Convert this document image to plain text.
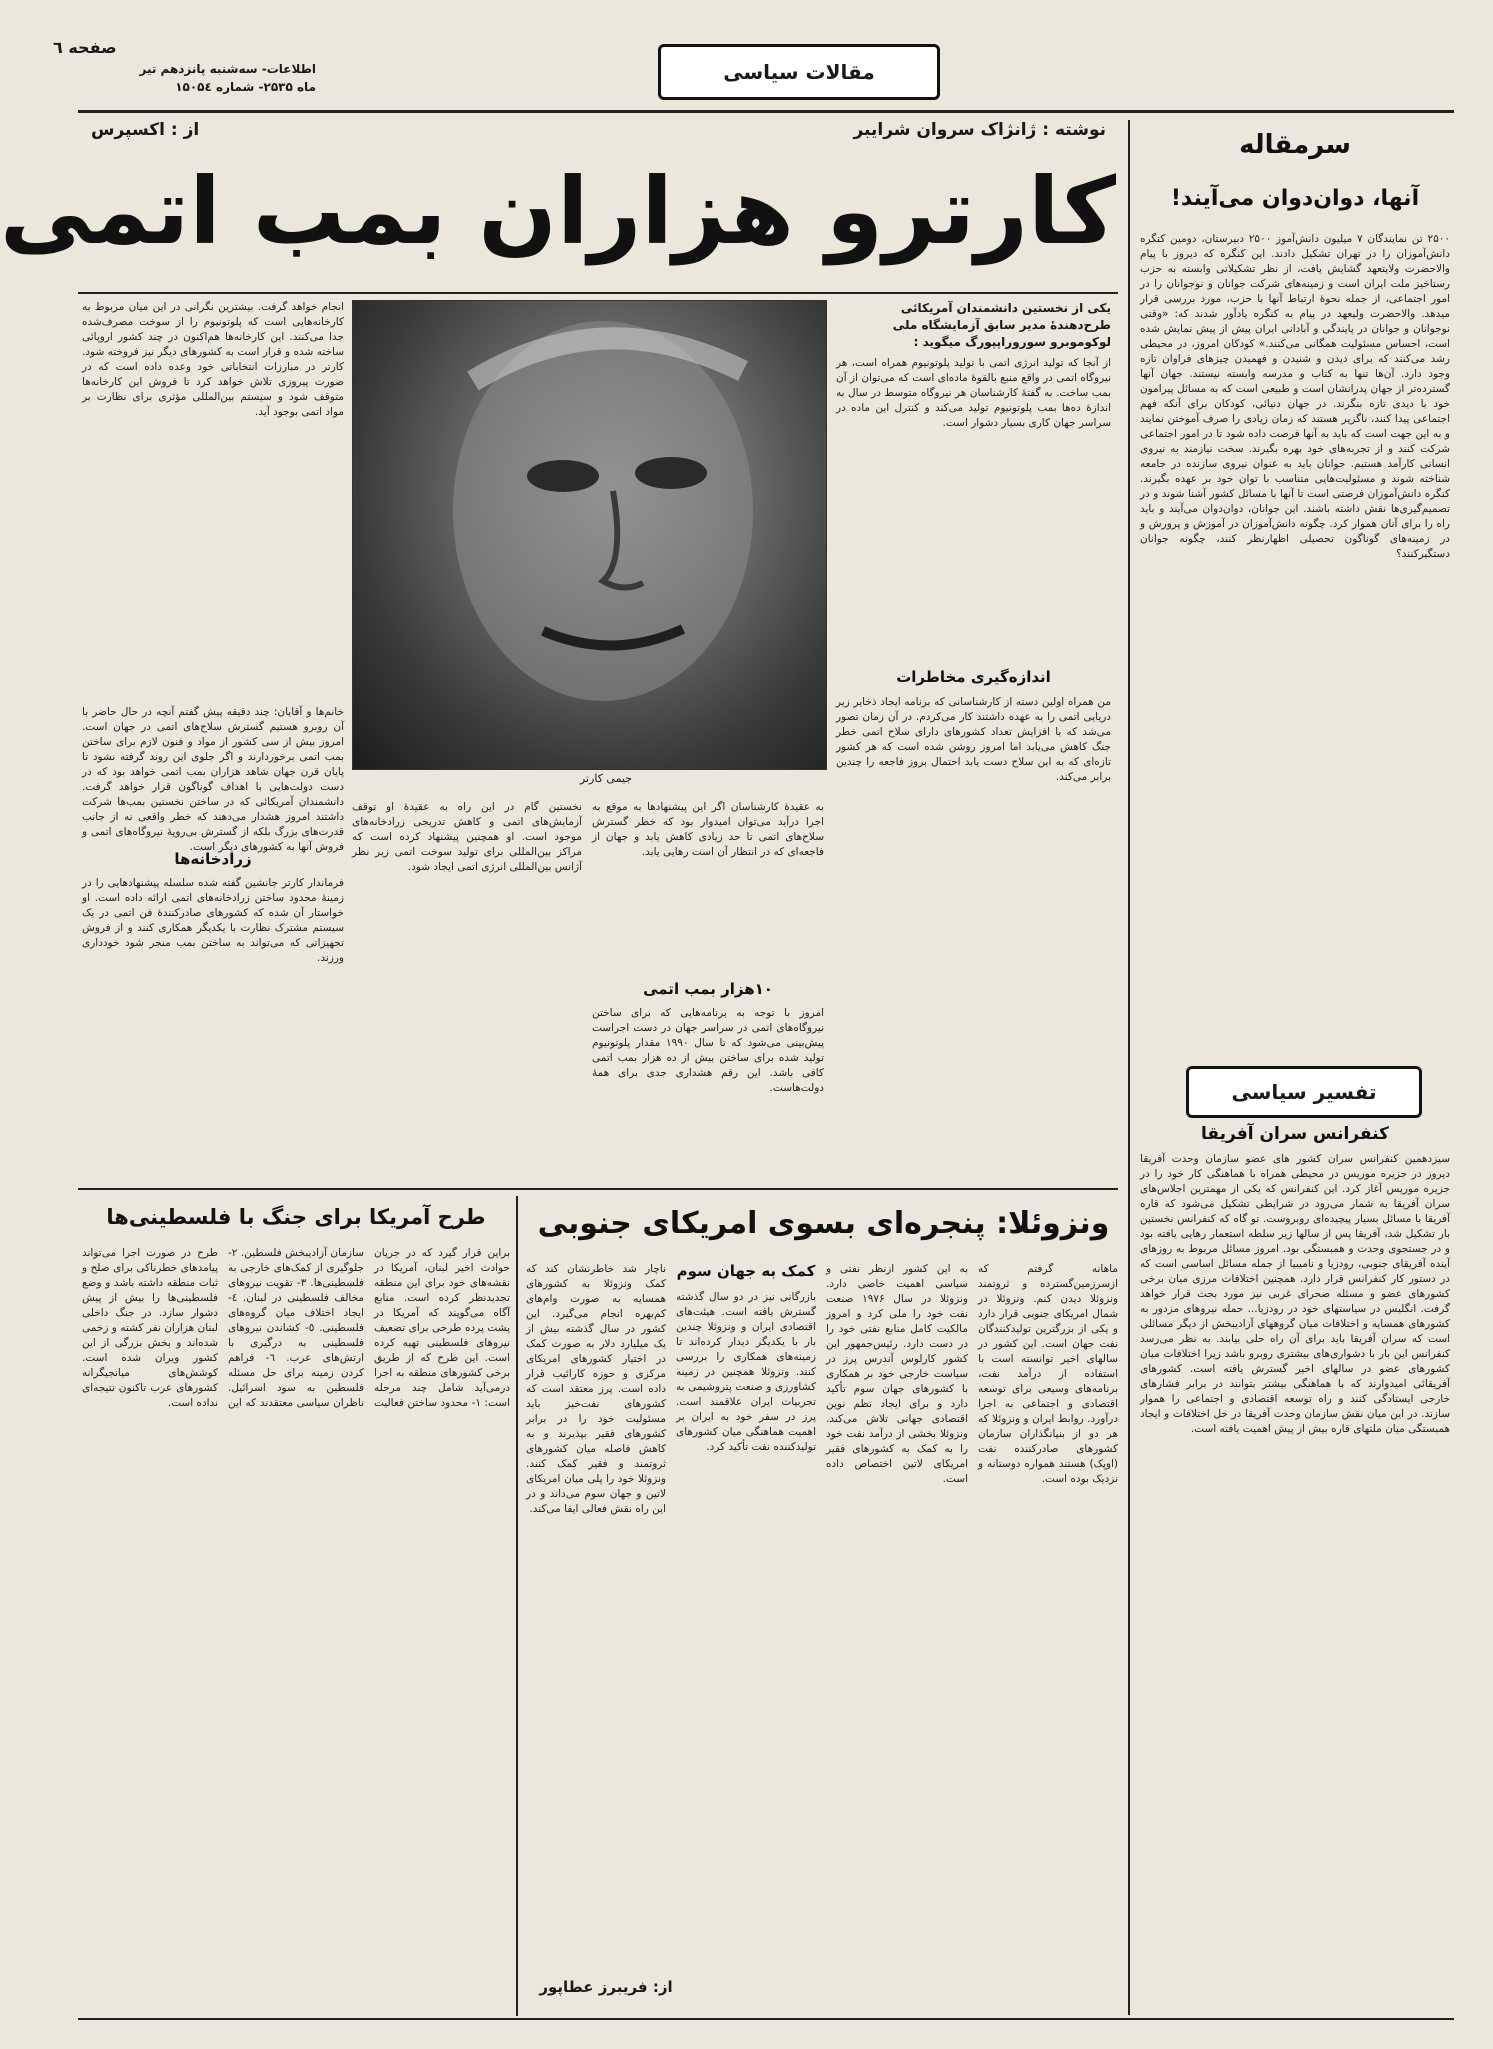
صفحه ٦
اطلاعات- سه‌شنبه پانزدهم تیر
ماه ۲۵۳۵- شماره ۱۵۰۵٤
مقالات سیاسی
نوشته : ژانژاک سروان شرایبر
از : اکسپرس
کارترو هزاران بمب اتمی
یکی از نخستین دانشمندان آمریکائی طرح‌دهندهٔ مدیر سابق آزمایشگاه ملی لوکوموبرو سوروراپپورگ میگوید :
از آنجا که تولید انرژی اتمی با تولید پلوتونیوم همراه است، هر نیروگاه اتمی در واقع منبع بالقوهٔ ماده‌ای است که می‌توان از آن بمب ساخت. به گفتهٔ کارشناسان هر نیروگاه متوسط در سال به اندازهٔ ده‌ها بمب پلوتونیوم تولید می‌کند و کنترل این ماده در سراسر جهان کاری بسیار دشوار است.
اندازه‌گیری مخاطرات
من همراه اولین دسته از کارشناسانی که برنامه ایجاد ذخایر زیر دریایی اتمی را به عهده داشتند کار می‌کردم. در آن زمان تصور می‌شد که با افزایش تعداد کشورهای دارای سلاح اتمی خطر جنگ کاهش می‌یابد اما امروز روشن شده است که هر کشور تازه‌ای که به این سلاح دست یابد احتمال بروز فاجعه را چندین برابر می‌کند.
جیمی کارتر
انجام خواهد گرفت. بیشترین نگرانی در این میان مربوط به کارخانه‌هایی است که پلوتونیوم را از سوخت مصرف‌شده جدا می‌کنند. این کارخانه‌ها هم‌اکنون در چند کشور اروپائی ساخته شده و قرار است به کشورهای دیگر نیز فروخته شود. کارتر در مبارزات انتخاباتی خود وعده داده است که در صورت پیروزی تلاش خواهد کرد تا فروش این کارخانه‌ها متوقف شود و سیستم بین‌المللی مؤثری برای نظارت بر مواد اتمی بوجود آید.
خانم‌ها و آقایان: چند دقیقه پیش گفتم آنچه در حال حاضر با آن روبرو هستیم گسترش سلاح‌های اتمی در جهان است. امروز بیش از سی کشور از مواد و فنون لازم برای ساختن بمب اتمی برخوردارند و اگر جلوی این روند گرفته نشود تا پایان قرن جهان شاهد هزاران بمب اتمی خواهد بود که در دست دولت‌هایی با اهداف گوناگون قرار خواهد گرفت. دانشمندان آمریکائی که در ساختن نخستین بمب‌ها شرکت داشتند امروز هشدار می‌دهند که خطر واقعی نه از جانب قدرت‌های بزرگ بلکه از گسترش بی‌رویهٔ نیروگاه‌های اتمی و فروش آنها به کشورهای دیگر است.
زرادخانه‌ها
فرماندار کارتر جانشین گفته شده سلسله پیشنهادهایی را در زمینهٔ محدود ساختن زرادخانه‌های اتمی ارائه داده است. او خواستار آن شده که کشورهای صادرکنندهٔ فن اتمی در یک سیستم مشترک نظارت با یکدیگر همکاری کنند و از فروش تجهیزاتی که می‌تواند به ساختن بمب منجر شود خودداری ورزند.
نخستین گام در این راه به عقیدهٔ او توقف آزمایش‌های اتمی و کاهش تدریجی زرادخانه‌های موجود است. او همچنین پیشنهاد کرده است که مراکز بین‌المللی برای تولید سوخت اتمی زیر نظر آژانس بین‌المللی انرژی اتمی ایجاد شود.
١٠هزار بمب اتمی
امروز با توجه به برنامه‌هایی که برای ساختن نیروگاه‌های اتمی در سراسر جهان در دست اجراست پیش‌بینی می‌شود که تا سال ۱۹۹۰ مقدار پلوتونیوم تولید شده برای ساختن بیش از ده هزار بمب اتمی کافی باشد. این رقم هشداری جدی برای همهٔ دولت‌هاست.
به عقیدهٔ کارشناسان اگر این پیشنهادها به موقع به اجرا درآید می‌توان امیدوار بود که خطر گسترش سلاح‌های اتمی تا حد زیادی کاهش یابد و جهان از فاجعه‌ای که در انتظار آن است رهایی یابد.
سرمقاله
آنها، دوان‌دوان می‌آیند!
۲۵۰۰ تن نمایندگان ۷ میلیون دانش‌آموز ۲۵۰۰ دبیرستان، دومین کنگره دانش‌آموزان را در تهران تشکیل دادند. این کنگره که دیروز با پیام والاحضرت ولایتعهد گشایش یافت، از نظر تشکیلاتی وابسته به حزب رستاخیز ملت ایران است و زمینه‌های شرکت جوانان و نوجوانان را در امور اجتماعی، از جمله نحوهٔ ارتباط آنها با حزب، مورد بررسی قرار میدهد. والاحضرت ولیعهد در پیام به کنگره یادآور شدند که: «وقتی نوجوانان و جوانان در پایندگی و آبادانی ایران پیش از پیش نمایش شده است، احساس مسئولیت همگانی می‌کنند.» کودکان امروز، در محیطی رشد می‌کنند که برای دیدن و شنیدن و فهمیدن چیزهای فراوان تازه وجود دارد. آن‌ها تنها به کتاب و مدرسه وابسته نیستند. جهان آنها گسترده‌تر از جهان پدرانشان است و طبیعی است که به مسائل پیرامون خود با دیدی تازه بنگرند. در جهان دنیائی، کودکان برای آنکه فهم اجتماعی پیدا کنند، ناگزیر هستند که زمان زیادی را صرف آموختن نمایند و به این جهت است که باید به آنها فرصت داده شود تا در امور اجتماعی شرکت کنند و از تجربه‌های خود بهره بگیرند. سخت نیازمند به نیروی انسانی کارآمد هستیم. جوانان باید به عنوان نیروی سازنده در جامعه شناخته شوند و مسئولیت‌هایی متناسب با توان خود بر عهده بگیرند. کنگره دانش‌آموزان فرصتی است تا آنها با مسائل کشور آشنا شوند و در تصمیم‌گیری‌ها نقش داشته باشند. این جوانان، دوان‌دوان می‌آیند و باید راه را برای آنان هموار کرد. چگونه دانش‌آموزان در آموزش و پرورش و در زمینه‌های گوناگون تحصیلی اظهارنظر کنند، چگونه جوانان دستگیرکنند؟
تفسیر سیاسی
کنفرانس سران آفریقا
سیزدهمین کنفرانس سران کشور های عضو سازمان وحدت آفریقا دیروز در جزیره موریس در محیطی همراه با هماهنگی کار خود را در جزیره موریس آغاز کرد. این کنفرانس که یکی از مهمترین اجلاس‌های سران آفریقا به شمار می‌رود در شرایطی تشکیل می‌شود که قاره آفریقا با مسائل بسیار پیچیده‌ای روبروست. تو گاه که کنفرانس نخستین بار تشکیل شد، آفریقا پس از سالها زیر سلطه استعمار رهایی یافته بود و در جستجوی وحدت و همبستگی بود. امروز مسائل مربوط به روزهای آینده آفریقای جنوبی، رودزیا و نامیبیا از جمله مسائل اساسی است که در دستور کار کنفرانس قرار دارد. همچنین اختلافات مرزی میان برخی کشورهای عضو و مسئله صحرای غربی نیز مورد بحث قرار خواهد گرفت. انگلیس در سیاستهای خود در رودزیا... حمله نیروهای مزدور به کشورهای همسایه و اختلافات میان گروههای آزادیبخش از دیگر مسائلی است که سران آفریقا باید برای آن راه حلی بیابند. به نظر می‌رسد کنفرانس این بار با دشواری‌های بیشتری روبرو باشد زیرا اختلافات میان کشورهای عضو در سالهای اخیر گسترش یافته است. کشورهای آفریقائی امیدوارند که با هماهنگی بیشتر بتوانند در برابر فشارهای خارجی ایستادگی کنند و راه توسعه اقتصادی و اجتماعی را هموار سازند. در این میان نقش سازمان وحدت آفریقا در حل اختلافات و ایجاد همبستگی میان ملتهای قاره بیش از پیش اهمیت یافته است.
ونزوئلا: پنجره‌ای بسوی امریکای جنوبی
ماهانه گرفتم که ازسرزمین‌گسترده و ثروتمند ونزوئلا دیدن کنم. ونزوئلا در شمال امریکای جنوبی قرار دارد و یکی از بزرگترین تولیدکنندگان نفت جهان است. این کشور در سالهای اخیر توانسته است با استفاده از درآمد نفت، برنامه‌های وسیعی برای توسعه اقتصادی و اجتماعی به اجرا درآورد. روابط ایران و ونزوئلا که هر دو از بنیانگذاران سازمان کشورهای صادرکننده نفت (اوپک) هستند همواره دوستانه و نزدیک بوده است.
به این کشور ازنظر نفتی و سیاسی اهمیت خاصی دارد. ونزوئلا در سال ۱۹۷۶ صنعت نفت خود را ملی کرد و امروز مالکیت کامل منابع نفتی خود را در دست دارد. رئیس‌جمهور این کشور کارلوس آندرس پرز در سیاست خارجی خود بر همکاری با کشورهای جهان سوم تأکید دارد و برای ایجاد نظم نوین اقتصادی جهانی تلاش می‌کند. ونزوئلا بخشی از درآمد نفت خود را به کمک به کشورهای فقیر امریکای لاتین اختصاص داده است.
کمک به جهان سوم
بازرگانی نیز در دو سال گذشته گسترش یافته است. هیئت‌های اقتصادی ایران و ونزوئلا چندین بار با یکدیگر دیدار کرده‌اند تا زمینه‌های همکاری را بررسی کنند. ونزوئلا همچنین در زمینه کشاورزی و صنعت پتروشیمی به تجربیات ایران علاقمند است. پرز در سفر خود به ایران بر اهمیت هماهنگی میان کشورهای تولیدکننده نفت تأکید کرد.
ناچار شد خاطرنشان کند که کمک ونزوئلا به کشورهای همسایه به صورت وام‌های کم‌بهره انجام می‌گیرد. این کشور در سال گذشته بیش از یک میلیارد دلار به صورت کمک در اختیار کشورهای امریکای مرکزی و حوزه کارائیب قرار داده است. پرز معتقد است که کشورهای نفت‌خیز باید مسئولیت خود را در برابر کشورهای فقیر بپذیرند و به کاهش فاصله میان کشورهای ثروتمند و فقیر کمک کنند. ونزوئلا خود را پلی میان امریکای لاتین و جهان سوم می‌داند و در این راه نقش فعالی ایفا می‌کند.
از: فریبرز عطاپور
طرح آمریکا برای جنگ با فلسطینی‌ها
براین قرار گیرد که در جریان حوادث اخیر لبنان، آمریکا در نقشه‌های خود برای این منطقه تجدیدنظر کرده است. منابع آگاه می‌گویند که آمریکا در پشت پرده طرحی برای تضعیف نیروهای فلسطینی تهیه کرده است. این طرح که از طریق برخی کشورهای منطقه به اجرا درمی‌آید شامل چند مرحله است: ١- محدود ساختن فعالیت سازمان آزادیبخش فلسطین. ٢- جلوگیری از کمک‌های خارجی به فلسطینی‌ها. ٣- تقویت نیروهای مخالف فلسطینی در لبنان. ٤- ایجاد اختلاف میان گروه‌های فلسطینی. ٥- کشاندن نیروهای فلسطینی به درگیری با ارتش‌های عرب. ٦- فراهم کردن زمینه برای حل مسئله فلسطین به سود اسرائیل. ناظران سیاسی معتقدند که این طرح در صورت اجرا می‌تواند پیامدهای خطرناکی برای صلح و ثبات منطقه داشته باشد و وضع فلسطینی‌ها را بیش از پیش دشوار سازد. در جنگ داخلی لبنان هزاران نفر کشته و زخمی شده‌اند و بخش بزرگی از این کشور ویران شده است. کوشش‌های میانجیگرانه کشورهای عرب تاکنون نتیجه‌ای نداده است.
